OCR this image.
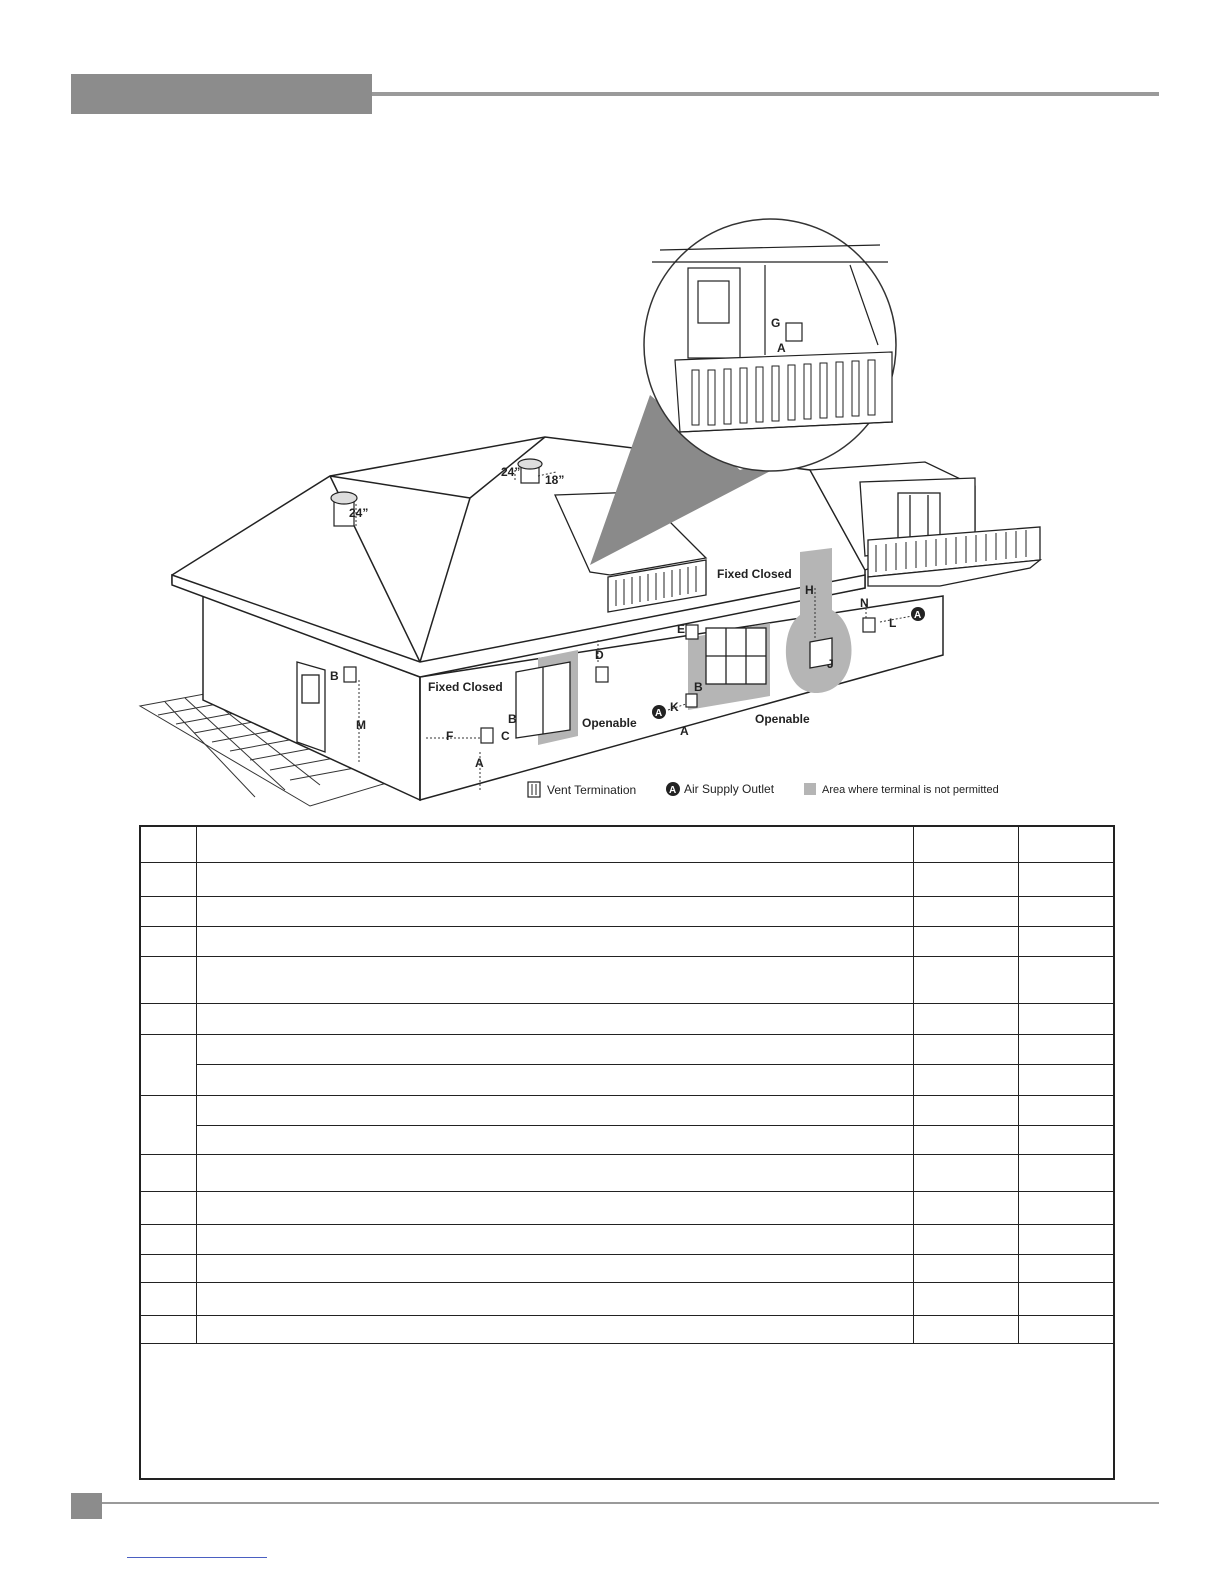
24”
18”
24”
Fixed Closed
Fixed Closed
Openable	Openable
G
A
B
M
D
B
C
F
A
E
H
N
L
J
B
K
A
A
A
Vent Termination	A Air Supply Outlet	Area where terminal is not permitted
